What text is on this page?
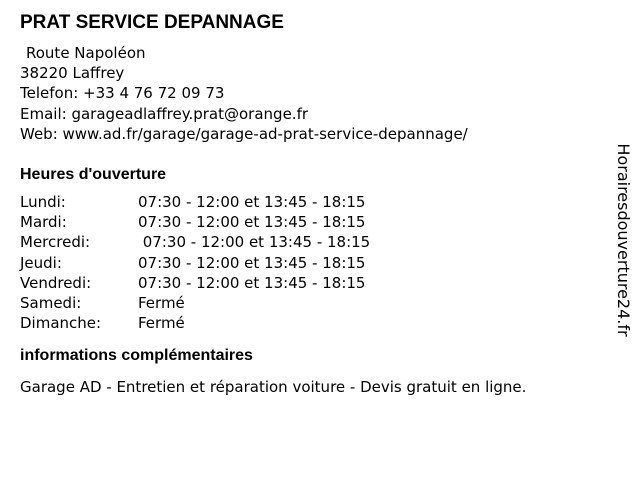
PRAT SERVICE DEPANNAGE
Route Napoléon
38220 Laffrey
Telefon: +33 4 76 72 09 73
Email: garageadlaffrey.prat@orange.fr
Web: www.ad.fr/garage/garage-ad-prat-service-depannage/
Heures d'ouverture
Lundi:	07:30 - 12:00 et 13:45 - 18:15
Mardi:	07:30 - 12:00 et 13:45 - 18:15
Mercredi:	07:30 - 12:00 et 13:45 - 18:15
Jeudi:	07:30 - 12:00 et 13:45 - 18:15
Vendredi:	07:30 - 12:00 et 13:45 - 18:15
Samedi:	Fermé
Dimanche:	Fermé
informations complémentaires
Garage AD - Entretien et réparation voiture - Devis gratuit en ligne.
Horairesdouverture24.fr
